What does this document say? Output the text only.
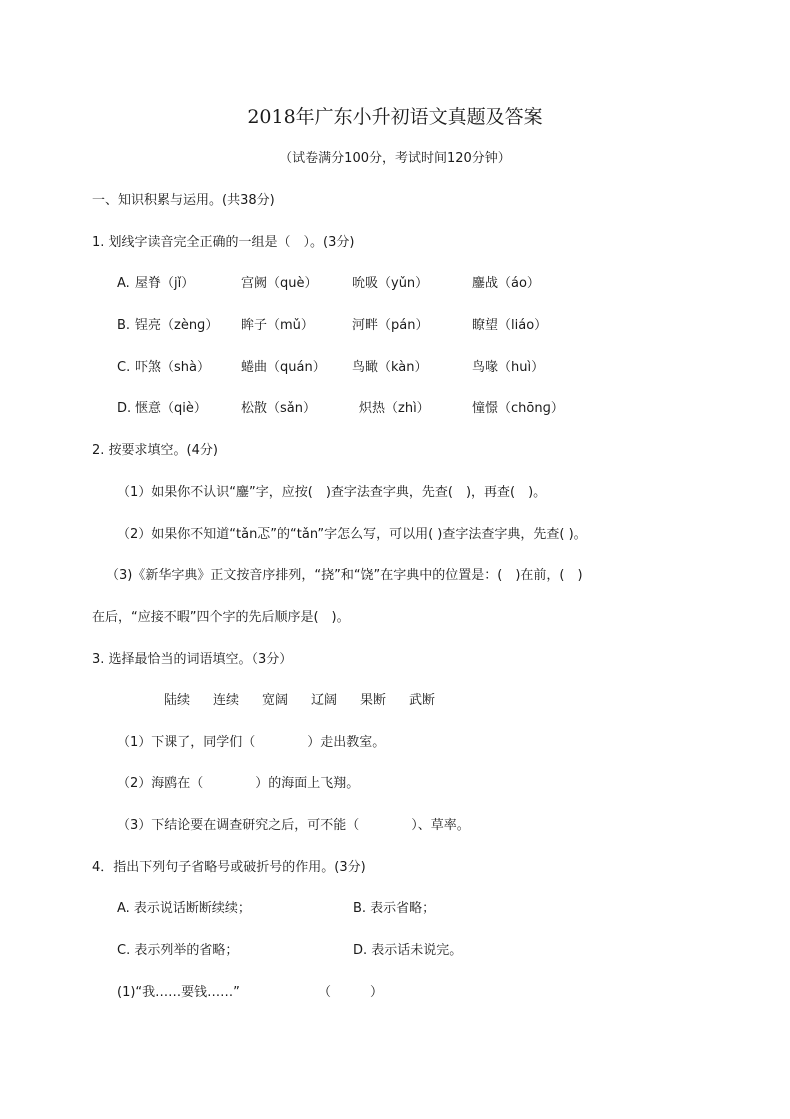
2018年广东小升初语文真题及答案
（试卷满分100分，考试时间120分钟）
一、知识积累与运用。(共38分)
1. 划线字读音完全正确的一组是（　）。(3分)
A. 屋脊（jǐ）	宫阙（què）	吮吸（yǔn）	鏖战（áo）
B. 锃亮（zènɡ） 眸子（mǔ）	河畔（pán）	瞭望（liáo）
C. 吓煞（shà） 蜷曲（quán） 鸟瞰（kàn）	鸟喙（huì）
D. 惬意（qiè）	松散（sǎn）	炽热（zhì）	憧憬（chōnɡ）
2. 按要求填空。(4分)
（1）如果你不认识“鏖”字，应按(　)查字法查字典，先查(　)，再查(　)。
（2）如果你不知道“tǎn忑”的“tǎn”字怎么写，可以用( )查字法查字典，先查( )。
（3)《新华字典》正文按音序排列，“挠”和“饶”在字典中的位置是：(　)在前，(　)
在后，“应接不暇”四个字的先后顺序是(　)。
3. 选择最恰当的词语填空。（3分）
陆续 连续 宽阔 辽阔 果断 武断
（1）下课了，同学们（　　　　）走出教室。
（2）海鸥在（　　　　）的海面上飞翔。
（3）下结论要在调查研究之后，可不能（　　　　）、草率。
4．指出下列句子省略号或破折号的作用。(3分)
A. 表示说话断断续续；	B. 表示省略；
C. 表示列举的省略；	D. 表示话未说完。
(1)“我……要钱……”	（　　　）
